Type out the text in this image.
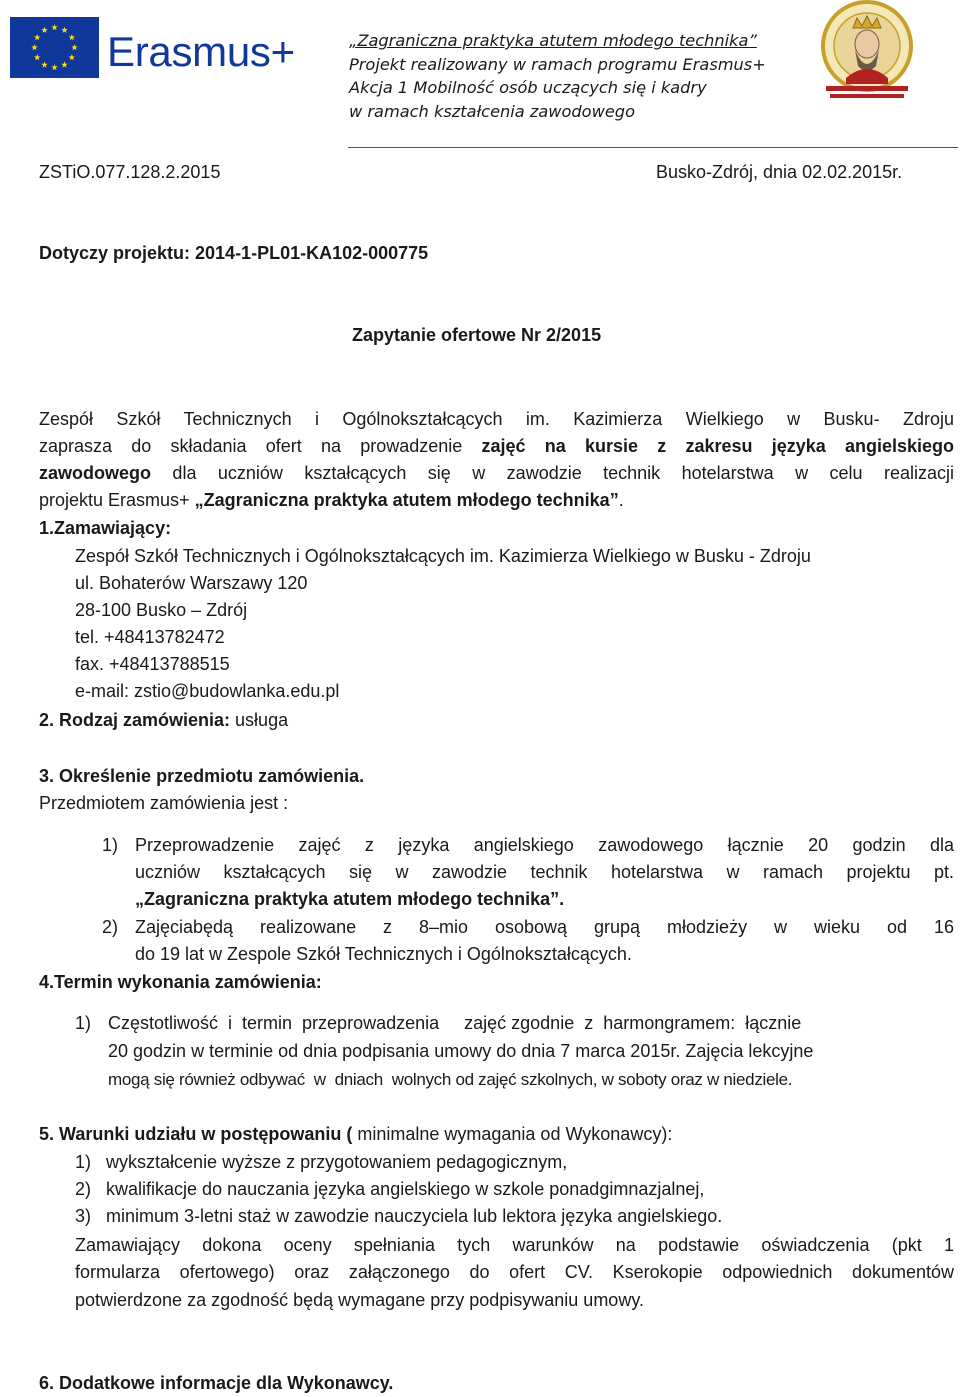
Erasmus+	„Zagraniczna praktyka atutem młodego technika”
Projekt realizowany w ramach programu Erasmus+
Akcja 1 Mobilność osób uczących się i kadry
w ramach kształcenia zawodowego
ZSTiO.077.128.2.2015	Busko-Zdrój, dnia 02.02.2015r.
Dotyczy projektu: 2014-1-PL01-KA102-000775
Zapytanie ofertowe Nr 2/2015
Zespół Szkół Technicznych i Ogólnokształcących im. Kazimierza Wielkiego w Busku- Zdroju
zaprasza do składania ofert na prowadzenie zajęć na kursie z zakresu języka angielskiego
zawodowego dla uczniów kształcących się w zawodzie technik hotelarstwa w celu realizacji
projektu Erasmus+ „Zagraniczna praktyka atutem młodego technika”.
1.Zamawiający:
Zespół Szkół Technicznych i Ogólnokształcących im. Kazimierza Wielkiego w Busku - Zdroju
ul. Bohaterów Warszawy 120
28-100 Busko – Zdrój
tel. +48413782472
fax. +48413788515
e-mail: zstio@budowlanka.edu.pl
2. Rodzaj zamówienia: usługa
3. Określenie przedmiotu zamówienia.
Przedmiotem zamówienia jest :
1) Przeprowadzenie zajęć z języka angielskiego zawodowego łącznie 20 godzin dla
uczniów kształcących się w zawodzie technik hotelarstwa w ramach projektu pt.
„Zagraniczna praktyka atutem młodego technika”.
2) Zajęciabędą realizowane z 8–mio osobową grupą młodzieży w wieku od 16
do 19 lat w Zespole Szkół Technicznych i Ogólnokształcących.
4.Termin wykonania zamówienia:
1) Częstotliwość  i  termin  przeprowadzenia     zajęć zgodnie  z  harmongramem:  łącznie
20 godzin w terminie od dnia podpisania umowy do dnia 7 marca 2015r. Zajęcia lekcyjne
mogą się również odbywać  w  dniach  wolnych od zajęć szkolnych, w soboty oraz w niedziele.
5. Warunki udziału w postępowaniu ( minimalne wymagania od Wykonawcy):
1) wykształcenie wyższe z przygotowaniem pedagogicznym,
2) kwalifikacje do nauczania języka angielskiego w szkole ponadgimnazjalnej,
3) minimum 3-letni staż w zawodzie nauczyciela lub lektora języka angielskiego.
Zamawiający dokona oceny spełniania tych warunków na podstawie oświadczenia (pkt 1
formularza ofertowego) oraz załączonego do ofert CV. Kserokopie odpowiednich dokumentów
potwierdzone za zgodność będą wymagane przy podpisywaniu umowy.
6. Dodatkowe informacje dla Wykonawcy.
